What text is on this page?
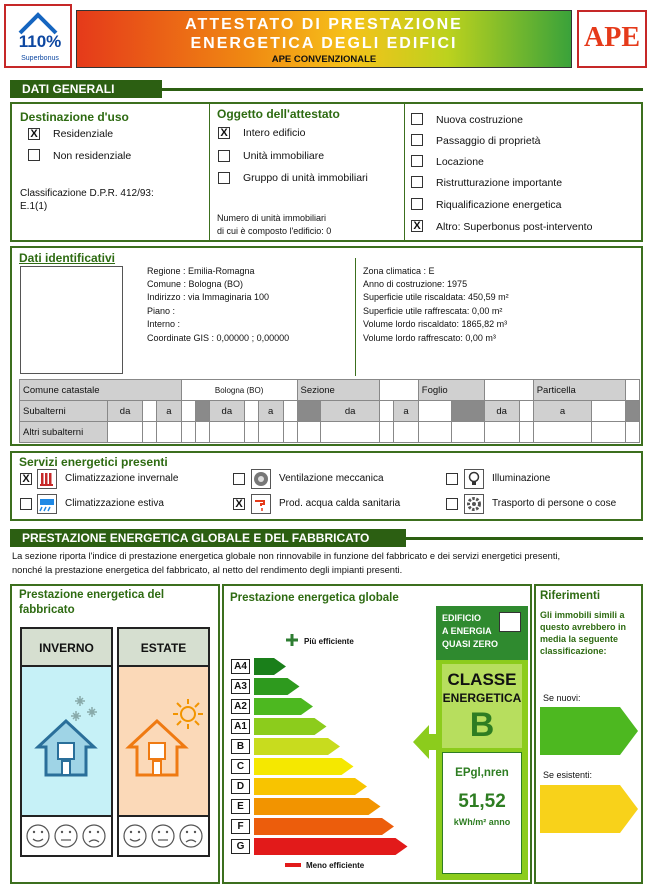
110%
Superbonus
ATTESTATO DI PRESTAZIONE
ENERGETICA DEGLI EDIFICI
APE CONVENZIONALE
APE
DATI GENERALI
Destinazione d'uso
X Residenziale
Non residenziale
Classificazione D.P.R. 412/93:
E.1(1)
Oggetto dell'attestato
X Intero edificio
Unità immobiliare
Gruppo di unità immobiliari
Numero di unità immobiliari
di cui è composto l'edificio: 0
Nuova costruzione
Passaggio di proprietà
Locazione
Ristrutturazione importante
Riqualificazione energetica
X Altro: Superbonus post-intervento
Dati identificativi
Regione : Emilia-Romagna
Comune : Bologna (BO)
Indirizzo : via Immaginaria 100
Piano :
Interno :
Coordinate GIS : 0,00000 ; 0,00000
Zona climatica : E
Anno di costruzione: 1975
Superficie utile riscaldata: 450,59 m²
Superficie utile raffrescata: 0,00 m²
Volume lordo riscaldato: 1865,82 m³
Volume lordo raffrescato: 0,00 m³
Comune catastale				Bologna (BO)						Sezione				Foglio				Particella		
Subalterni	da		a			da		a			da		a			da		a		
Altri subalterni																				
Servizi energetici presenti
X	Climatizzazione invernale
Climatizzazione estiva
Ventilazione meccanica
X	Prod. acqua calda sanitaria
Illuminazione
Trasporto di persone o cose
PRESTAZIONE ENERGETICA GLOBALE E DEL FABBRICATO
La sezione riporta l'indice di prestazione energetica globale non rinnovabile in funzione del fabbricato e dei servizi energetici presenti,
nonché la prestazione energetica del fabbricato, al netto del rendimento degli impianti presenti.
Prestazione energetica del
fabbricato
INVERNO	ESTATE
Prestazione energetica globale
Più efficiente
A4
A3
A2
A1
B
C
D
E
F
G
Meno efficiente
EDIFICIO
A ENERGIA
QUASI ZERO
CLASSE
ENERGETICA
B
EPgl,nren
51,52
kWh/m² anno
Riferimenti
Gli immobili simili a
questo avrebbero in
media la seguente
classificazione:
Se nuovi:
Se esistenti:
